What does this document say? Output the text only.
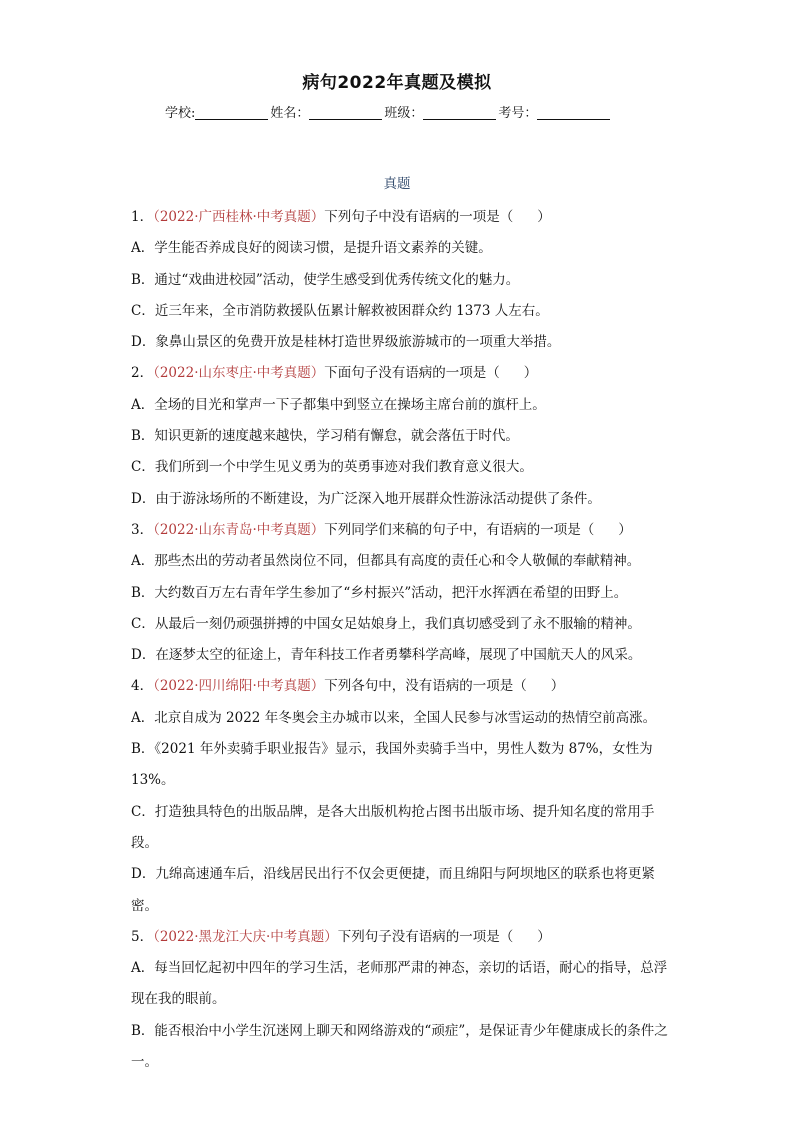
病句2022年真题及模拟
学校:	姓名：	班级：	考号：
真题
1．（2022·广西桂林·中考真题）下列句子中没有语病的一项是（ ）
A．学生能否养成良好的阅读习惯，是提升语文素养的关键。
B．通过“戏曲进校园”活动，使学生感受到优秀传统文化的魅力。
C．近三年来，全市消防救援队伍累计解救被困群众约 1373 人左右。
D．象鼻山景区的免费开放是桂林打造世界级旅游城市的一项重大举措。
2．（2022·山东枣庄·中考真题）下面句子没有语病的一项是（ ）
A．全场的目光和掌声一下子都集中到竖立在操场主席台前的旗杆上。
B．知识更新的速度越来越快，学习稍有懈怠，就会落伍于时代。
C．我们所到一个中学生见义勇为的英勇事迹对我们教育意义很大。
D．由于游泳场所的不断建设，为广泛深入地开展群众性游泳活动提供了条件。
3．（2022·山东青岛·中考真题）下列同学们来稿的句子中，有语病的一项是（ ）
A．那些杰出的劳动者虽然岗位不同，但都具有高度的责任心和令人敬佩的奉献精神。
B．大约数百万左右青年学生参加了“乡村振兴”活动，把汗水挥洒在希望的田野上。
C．从最后一刻仍顽强拼搏的中国女足姑娘身上，我们真切感受到了永不服输的精神。
D．在逐梦太空的征途上，青年科技工作者勇攀科学高峰，展现了中国航天人的风采。
4．（2022·四川绵阳·中考真题）下列各句中，没有语病的一项是（ ）
A．北京自成为 2022 年冬奥会主办城市以来，全国人民参与冰雪运动的热情空前高涨。
B．《2021 年外卖骑手职业报告》显示，我国外卖骑手当中，男性人数为 87%，女性为 13%。
C．打造独具特色的出版品牌，是各大出版机构抢占图书出版市场、提升知名度的常用手段。
D．九绵高速通车后，沿线居民出行不仅会更便捷，而且绵阳与阿坝地区的联系也将更紧密。
5．（2022·黑龙江大庆·中考真题）下列句子没有语病的一项是（ ）
A．每当回忆起初中四年的学习生活，老师那严肃的神态，亲切的话语，耐心的指导，总浮现在我的眼前。
B．能否根治中小学生沉迷网上聊天和网络游戏的“顽症”，是保证青少年健康成长的条件之一。
